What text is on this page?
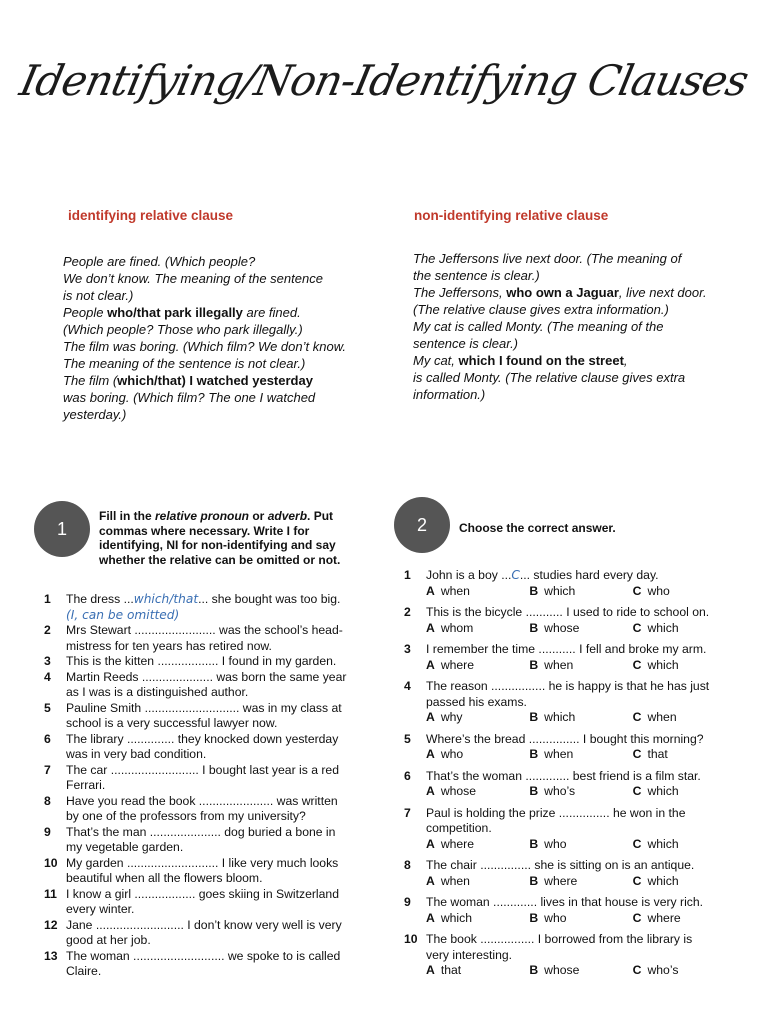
Identifying/Non-Identifying Clauses
identifying relative clause	non-identifying relative clause
People are fined. (Which people?
We don’t know. The meaning of the sentence
is not clear.)
People who/that park illegally are fined.
(Which people? Those who park illegally.)
The film was boring. (Which film? We don’t know.
The meaning of the sentence is not clear.)
The film (which/that) I watched yesterday
was boring. (Which film? The one I watched
yesterday.)
The Jeffersons live next door. (The meaning of
the sentence is clear.)
The Jeffersons, who own a Jaguar, live next door.
(The relative clause gives extra information.)
My cat is called Monty. (The meaning of the
sentence is clear.)
My cat, which I found on the street,
is called Monty. (The relative clause gives extra
information.)
1
Fill in the relative pronoun or adverb. Put commas where necessary. Write I for identifying, NI for non-identifying and say whether the relative can be omitted or not.
2	Choose the correct answer.
1	The dress ...which/that... she bought was too big.
(I, can be omitted)
2	Mrs Stewart ........................ was the school’s head-
mistress for ten years has retired now.
3	This is the kitten .................. I found in my garden.
4	Martin Reeds ..................... was born the same year
as I was is a distinguished author.
5	Pauline Smith ............................ was in my class at
school is a very successful lawyer now.
6	The library .............. they knocked down yesterday
was in very bad condition.
7	The car .......................... I bought last year is a red
Ferrari.
8	Have you read the book ...................... was written
by one of the professors from my university?
9	That’s the man ..................... dog buried a bone in
my vegetable garden.
10 My garden ........................... I like very much looks
beautiful when all the flowers bloom.
11 I know a girl .................. goes skiing in Switzerland
every winter.
12 Jane .......................... I don’t know very well is very
good at her job.
13 The woman ........................... we spoke to is called
Claire.
1	John is a boy ...C... studies hard every day.
A when	B which	C who
2	This is the bicycle ........... I used to ride to school on.
A whom	B whose	C which
3	I remember the time ........... I fell and broke my arm.
A where	B when	C which
4	The reason ................ he is happy is that he has just
passed his exams.
A why	B which	C when
5	Where’s the bread ............... I bought this morning?
A who	B when	C that
6	That’s the woman ............. best friend is a film star.
A whose	B who’s	C which
7	Paul is holding the prize ............... he won in the
competition.
A where	B who	C which
8	The chair ............... she is sitting on is an antique.
A when	B where	C which
9	The woman ............. lives in that house is very rich.
A which	B who	C where
10 The book ................ I borrowed from the library is
very interesting.
A that	B whose	C who’s
